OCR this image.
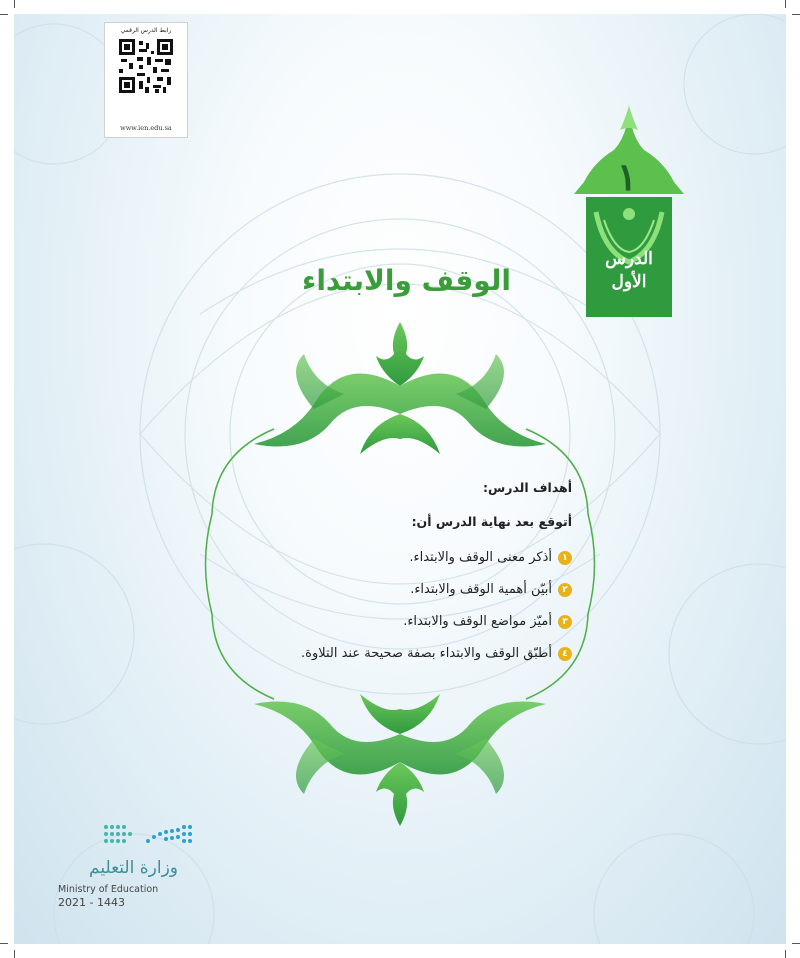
رابط الدرس الرقمي
www.ien.edu.sa
١
الدرس
الأول
الوقف والابتداء

أهداف الدرس:

أتوقع بعد نهاية الدرس أن:
١
أذكر معنى الوقف والابتداء.
٢
أبيّن أهمية الوقف والابتداء.
٣
أميّز مواضع الوقف والابتداء.
٤
أطبّق الوقف والابتداء بصفة صحيحة عند التلاوة.
وزارة التعليم
Ministry of Education
2021 - 1443
